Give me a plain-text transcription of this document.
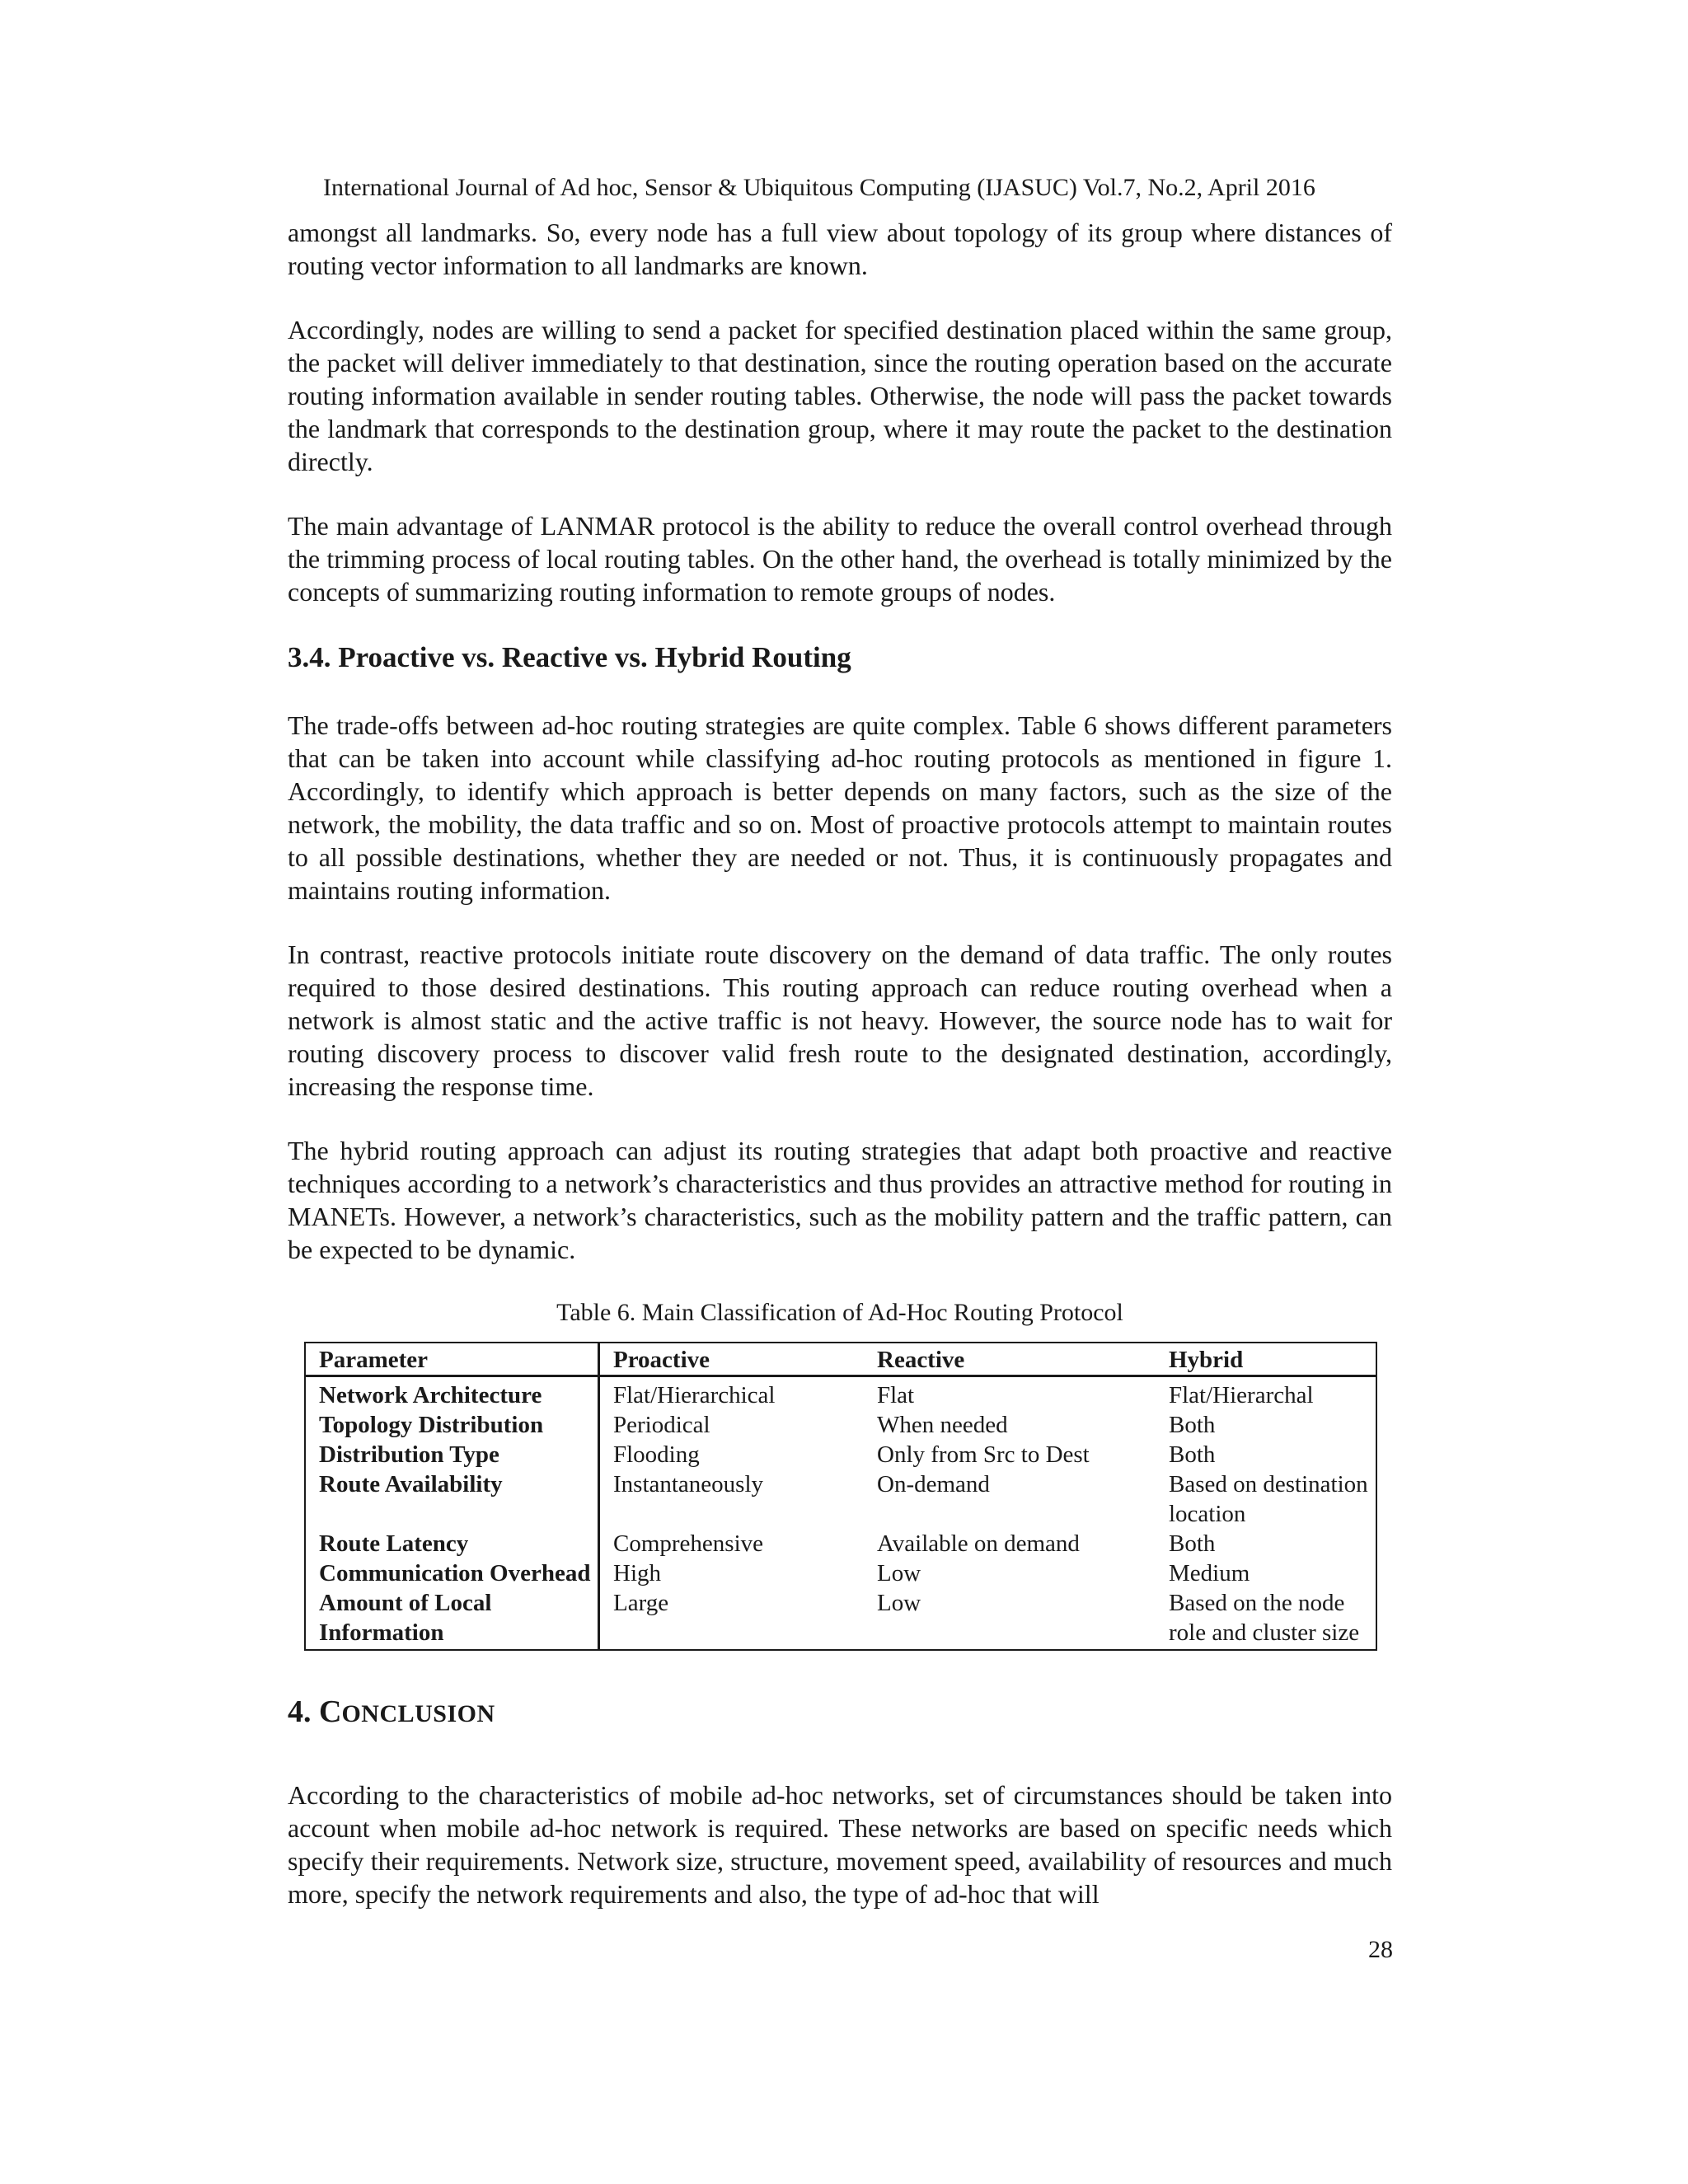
International Journal of Ad hoc, Sensor & Ubiquitous Computing (IJASUC) Vol.7, No.2, April 2016

amongst all landmarks. So, every node has a full view about topology of its group where distances of routing vector information to all landmarks are known.

Accordingly, nodes are willing to send a packet for specified destination placed within the same group, the packet will deliver immediately to that destination, since the routing operation based on the accurate routing information available in sender routing tables. Otherwise, the node will pass the packet towards the landmark that corresponds to the destination group, where it may route the packet to the destination directly.

The main advantage of LANMAR protocol is the ability to reduce the overall control overhead through the trimming process of local routing tables. On the other hand, the overhead is totally minimized by the concepts of summarizing routing information to remote groups of nodes.

3.4. Proactive vs. Reactive vs. Hybrid Routing

The trade-offs between ad-hoc routing strategies are quite complex. Table 6 shows different parameters that can be taken into account while classifying ad-hoc routing protocols as mentioned in figure 1. Accordingly, to identify which approach is better depends on many factors, such as the size of the network, the mobility, the data traffic and so on. Most of proactive protocols attempt to maintain routes to all possible destinations, whether they are needed or not. Thus, it is continuously propagates and maintains routing information.

In contrast, reactive protocols initiate route discovery on the demand of data traffic. The only routes required to those desired destinations. This routing approach can reduce routing overhead when a network is almost static and the active traffic is not heavy. However, the source node has to wait for routing discovery process to discover valid fresh route to the designated destination, accordingly, increasing the response time.

The hybrid routing approach can adjust its routing strategies that adapt both proactive and reactive techniques according to a network’s characteristics and thus provides an attractive method for routing in MANETs. However, a network’s characteristics, such as the mobility pattern and the traffic pattern, can be expected to be dynamic.

Table 6. Main Classification of Ad-Hoc Routing Protocol
Parameter	Proactive	Reactive	Hybrid
Network Architecture	Flat/Hierarchical	Flat	Flat/Hierarchal
Topology Distribution	Periodical	When needed	Both
Distribution Type	Flooding	Only from Src to Dest	Both
Route Availability	Instantaneously	On-demand	Based on destination location
Route Latency	Comprehensive	Available on demand	Both
Communication Overhead	High	Low	Medium
Amount of Local Information	Large	Low	Based on the node role and cluster size
4. CONCLUSION

According to the characteristics of mobile ad-hoc networks, set of circumstances should be taken into account when mobile ad-hoc network is required. These networks are based on specific needs which specify their requirements. Network size, structure, movement speed, availability of resources and much more, specify the network requirements and also, the type of ad-hoc that will

28
